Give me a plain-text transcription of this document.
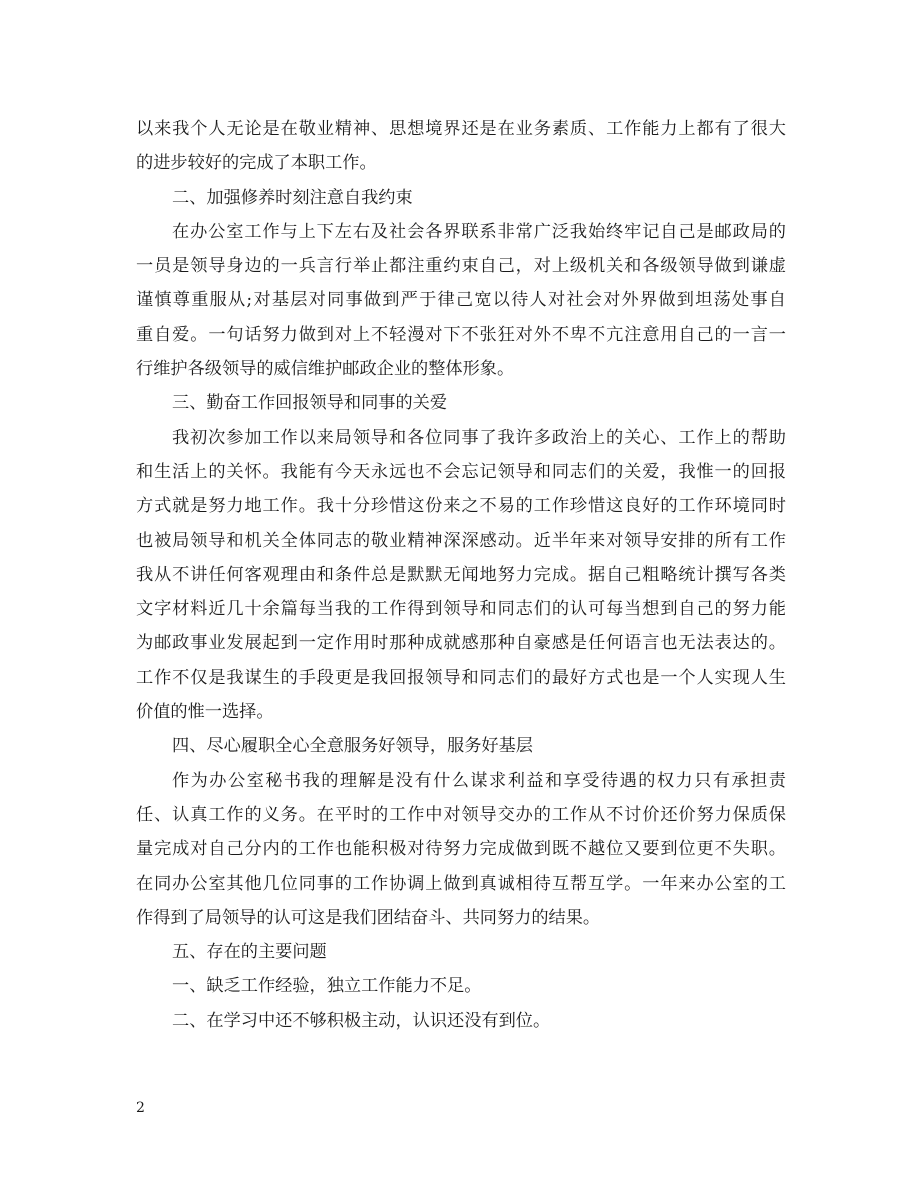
以来我个人无论是在敬业精神、思想境界还是在业务素质、工作能力上都有了很大
的进步较好的完成了本职工作。
二、加强修养时刻注意自我约束
在办公室工作与上下左右及社会各界联系非常广泛我始终牢记自己是邮政局的
一员是领导身边的一兵言行举止都注重约束自己，对上级机关和各级领导做到谦虚
谨慎尊重服从;对基层对同事做到严于律己宽以待人对社会对外界做到坦荡处事自
重自爱。一句话努力做到对上不轻漫对下不张狂对外不卑不亢注意用自己的一言一
行维护各级领导的威信维护邮政企业的整体形象。
三、勤奋工作回报领导和同事的关爱
我初次参加工作以来局领导和各位同事了我许多政治上的关心、工作上的帮助
和生活上的关怀。我能有今天永远也不会忘记领导和同志们的关爱，我惟一的回报
方式就是努力地工作。我十分珍惜这份来之不易的工作珍惜这良好的工作环境同时
也被局领导和机关全体同志的敬业精神深深感动。近半年来对领导安排的所有工作
我从不讲任何客观理由和条件总是默默无闻地努力完成。据自己粗略统计撰写各类
文字材料近几十余篇每当我的工作得到领导和同志们的认可每当想到自己的努力能
为邮政事业发展起到一定作用时那种成就感那种自豪感是任何语言也无法表达的。
工作不仅是我谋生的手段更是我回报领导和同志们的最好方式也是一个人实现人生
价值的惟一选择。
四、尽心履职全心全意服务好领导，服务好基层
作为办公室秘书我的理解是没有什么谋求利益和享受待遇的权力只有承担责
任、认真工作的义务。在平时的工作中对领导交办的工作从不讨价还价努力保质保
量完成对自己分内的工作也能积极对待努力完成做到既不越位又要到位更不失职。
在同办公室其他几位同事的工作协调上做到真诚相待互帮互学。一年来办公室的工
作得到了局领导的认可这是我们团结奋斗、共同努力的结果。
五、存在的主要问题
一、缺乏工作经验，独立工作能力不足。
二、在学习中还不够积极主动，认识还没有到位。
2
